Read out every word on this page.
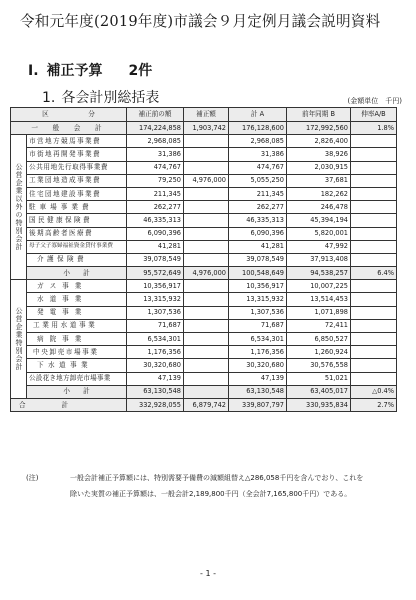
令和元年度(2019年度)市議会９月定例月議会説明資料
I. 補正予算 2件
1. 各会計別総括表	(金額単位　千円)
区　　　　　　 分		補正前の額	補正額	計 A	前年同期 B	伸率A/B
一　般　会　計		174,224,858	1,903,742	176,128,600	172,992,560	1.8%
公営企業以外の特別会計	市営地方競馬事業費	2,968,085		2,968,085	2,826,400	
	市街地再開発事業費	31,386		31,386	38,926	
	公共用地先行取得事業費	474,767		474,767	2,030,915	
	工業団地造成事業費	79,250	4,976,000	5,055,250	37,681	
	住宅団地建設事業費	211,345		211,345	182,262	
	駐車場事業費	262,277		262,277	246,478	
	国民健康保険費	46,335,313		46,335,313	45,394,194	
	後期高齢者医療費	6,090,396		6,090,396	5,820,001	
	母子父子寡婦福祉資金貸付事業費	41,281		41,281	47,992	
	介護保険費	39,078,549		39,078,549	37,913,408	
	小　　計	95,572,649	4,976,000	100,548,649	94,538,257	6.4%
公営企業特別会計	ガス事業	10,356,917		10,356,917	10,007,225	
	水道事業	13,315,932		13,315,932	13,514,453	
	発電事業	1,307,536		1,307,536	1,071,898	
	工業用水道事業	71,687		71,687	72,411	
	病院事業	6,534,301		6,534,301	6,850,527	
	中央卸売市場事業	1,176,356		1,176,356	1,260,924	
	下水道事業	30,320,680		30,320,680	30,576,558	
	公設花き地方卸売市場事業	47,139		47,139	51,021	
	小　　計	63,130,548		63,130,548	63,405,017	△0.4%
合　　　計		332,928,055	6,879,742	339,807,797	330,935,834	2.7%
(注)	一般会計補正予算額には、特別需要予備費の減額組替え△286,058千円を含んでおり、これを
除いた実質の補正予算額は、一般会計2,189,800千円（全会計7,165,800千円）である。
- 1 -
